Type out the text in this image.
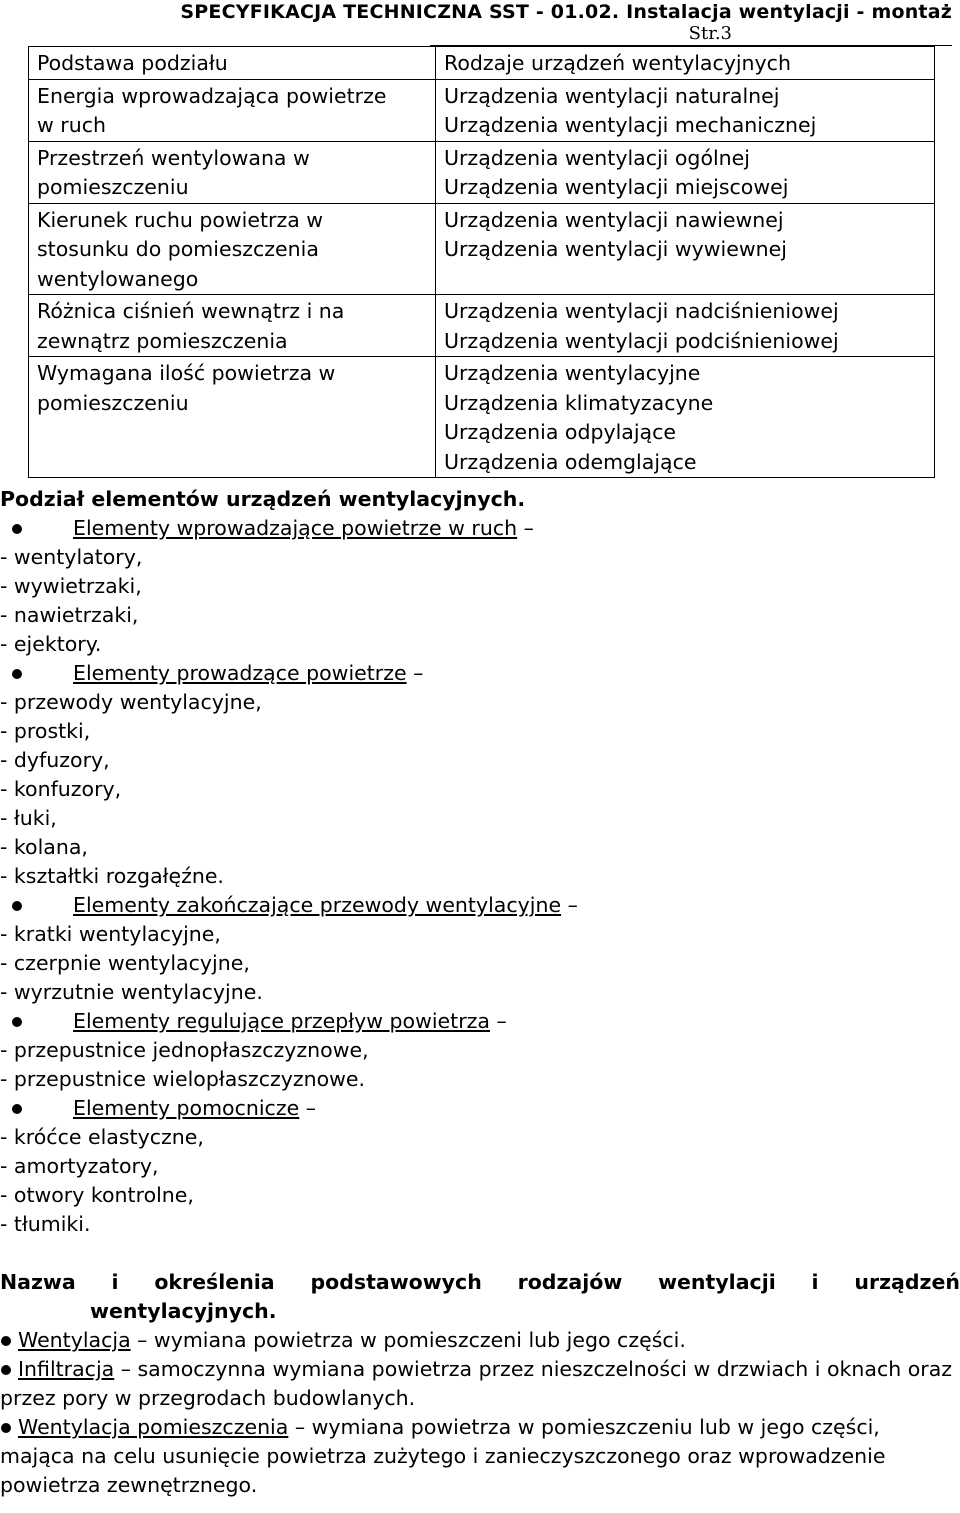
SPECYFIKACJA TECHNICZNA SST - 01.02. Instalacja wentylacji - montaż
Str.3
Podstawa podziału	Rodzaje urządzeń wentylacyjnych

Energia wprowadzająca powietrze
w ruch	Urządzenia wentylacji naturalnej
Urządzenia wentylacji mechanicznej

Przestrzeń wentylowana w
pomieszczeniu	Urządzenia wentylacji ogólnej
Urządzenia wentylacji miejscowej

Kierunek ruchu powietrza w
stosunku do pomieszczenia
wentylowanego	Urządzenia wentylacji nawiewnej
Urządzenia wentylacji wywiewnej

Różnica ciśnień wewnątrz i na
zewnątrz pomieszczenia	Urządzenia wentylacji nadciśnieniowej
Urządzenia wentylacji podciśnieniowej

Wymagana ilość powietrza w
pomieszczeniu	Urządzenia wentylacyjne
Urządzenia klimatyzacyne
Urządzenia odpylające
Urządzenia odemglające

Podział elementów urządzeń wentylacyjnych.

Elementy wprowadzające powietrze w ruch –
- wentylatory,
- wywietrzaki,
- nawietrzaki,
- ejektory.
Elementy prowadzące powietrze –
- przewody wentylacyjne,
- prostki,
- dyfuzory,
- konfuzory,
- łuki,
- kolana,
- kształtki rozgałęźne.
Elementy zakończające przewody wentylacyjne –
- kratki wentylacyjne,
- czerpnie wentylacyjne,
- wyrzutnie wentylacyjne.
Elementy regulujące przepływ powietrza –
- przepustnice jednopłaszczyznowe,
- przepustnice wielopłaszczyznowe.
Elementy pomocnicze –
- króćce elastyczne,
- amortyzatory,
- otwory kontrolne,
- tłumiki.

Nazwa i określenia podstawowych rodzajów wentylacji i urządzeń

wentylacyjnych.

Wentylacja – wymiana powietrza w pomieszczeni lub jego części.
Infiltracja – samoczynna wymiana powietrza przez nieszczelności w drzwiach i oknach oraz przez pory w przegrodach budowlanych.
Wentylacja pomieszczenia – wymiana powietrza w pomieszczeniu lub w jego części, mająca na celu usunięcie powietrza zużytego i zanieczyszczonego oraz wprowadzenie powietrza zewnętrznego.
